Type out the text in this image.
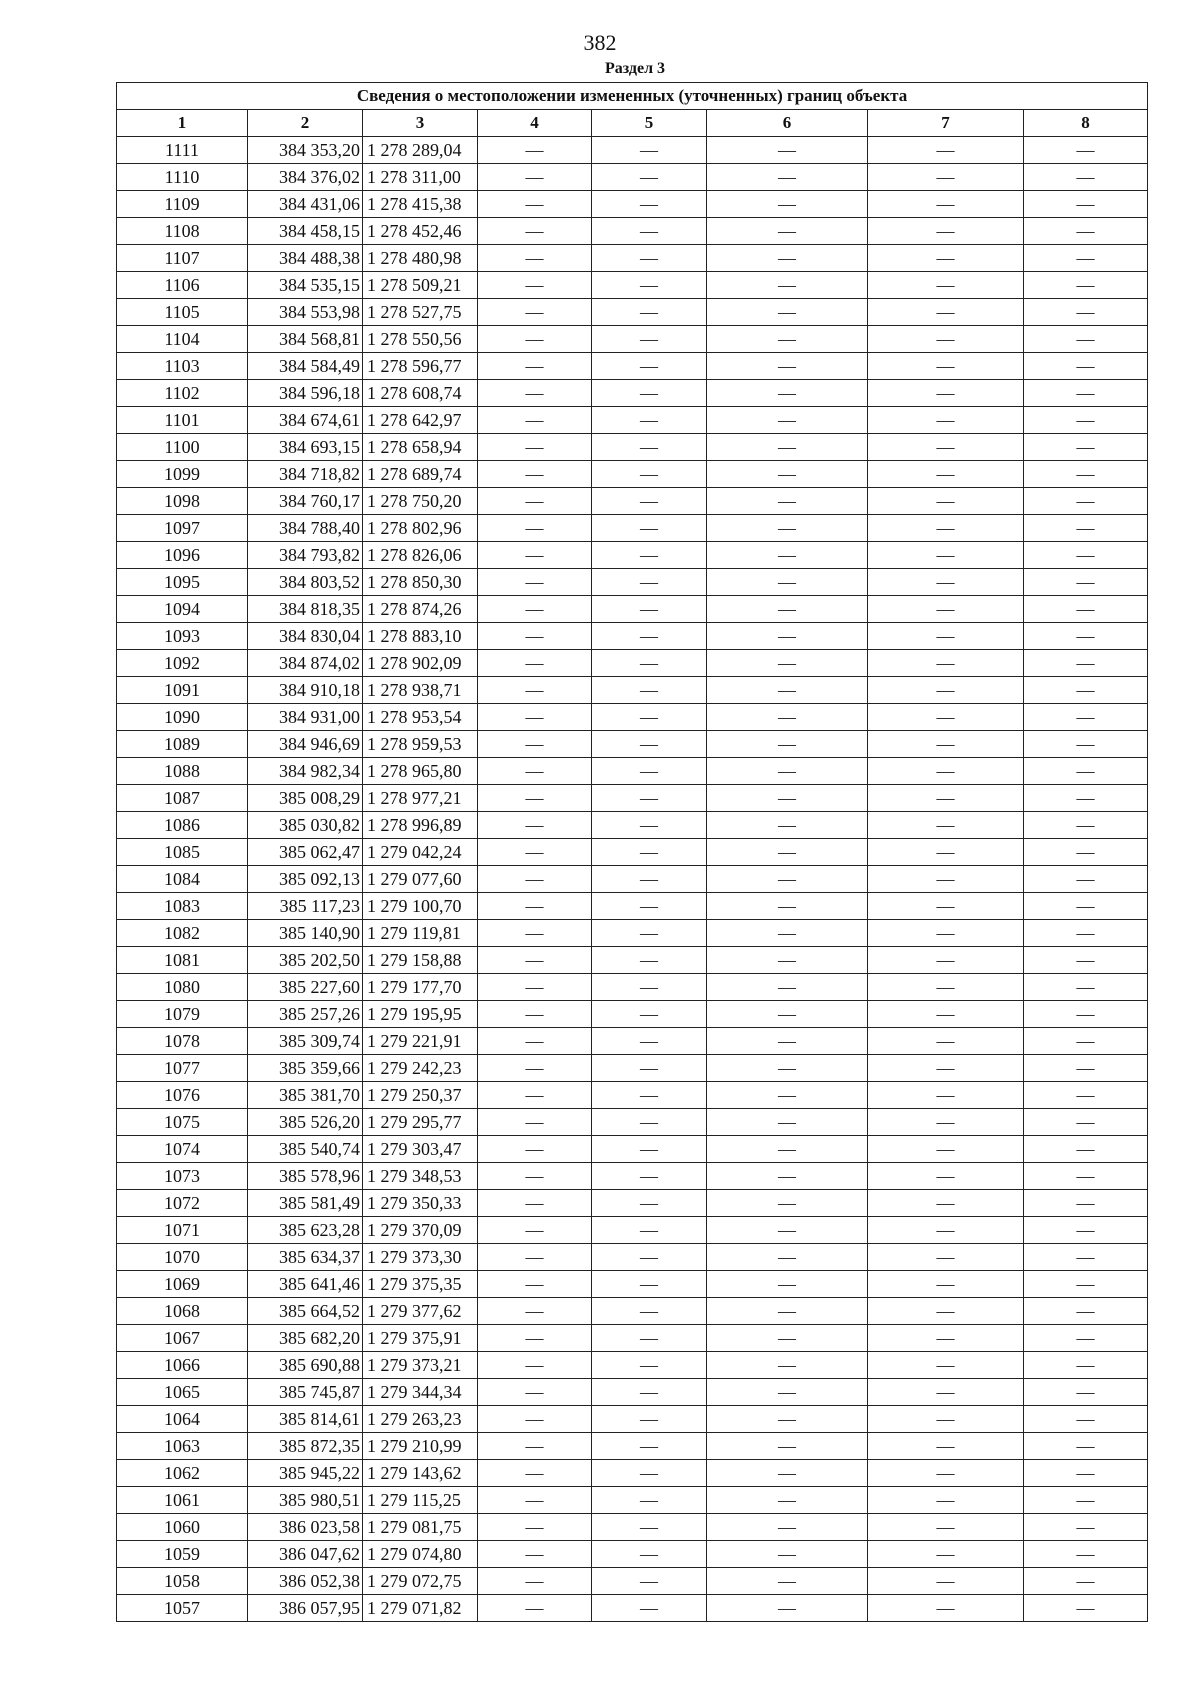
382
Раздел 3
Сведения о местоположении измененных (уточненных) границ объекта							
1	2	3	4	5	6	7	8
1111	384 353,20	1 278 289,04	—	—	—	—	—
1110	384 376,02	1 278 311,00	—	—	—	—	—
1109	384 431,06	1 278 415,38	—	—	—	—	—
1108	384 458,15	1 278 452,46	—	—	—	—	—
1107	384 488,38	1 278 480,98	—	—	—	—	—
1106	384 535,15	1 278 509,21	—	—	—	—	—
1105	384 553,98	1 278 527,75	—	—	—	—	—
1104	384 568,81	1 278 550,56	—	—	—	—	—
1103	384 584,49	1 278 596,77	—	—	—	—	—
1102	384 596,18	1 278 608,74	—	—	—	—	—
1101	384 674,61	1 278 642,97	—	—	—	—	—
1100	384 693,15	1 278 658,94	—	—	—	—	—
1099	384 718,82	1 278 689,74	—	—	—	—	—
1098	384 760,17	1 278 750,20	—	—	—	—	—
1097	384 788,40	1 278 802,96	—	—	—	—	—
1096	384 793,82	1 278 826,06	—	—	—	—	—
1095	384 803,52	1 278 850,30	—	—	—	—	—
1094	384 818,35	1 278 874,26	—	—	—	—	—
1093	384 830,04	1 278 883,10	—	—	—	—	—
1092	384 874,02	1 278 902,09	—	—	—	—	—
1091	384 910,18	1 278 938,71	—	—	—	—	—
1090	384 931,00	1 278 953,54	—	—	—	—	—
1089	384 946,69	1 278 959,53	—	—	—	—	—
1088	384 982,34	1 278 965,80	—	—	—	—	—
1087	385 008,29	1 278 977,21	—	—	—	—	—
1086	385 030,82	1 278 996,89	—	—	—	—	—
1085	385 062,47	1 279 042,24	—	—	—	—	—
1084	385 092,13	1 279 077,60	—	—	—	—	—
1083	385 117,23	1 279 100,70	—	—	—	—	—
1082	385 140,90	1 279 119,81	—	—	—	—	—
1081	385 202,50	1 279 158,88	—	—	—	—	—
1080	385 227,60	1 279 177,70	—	—	—	—	—
1079	385 257,26	1 279 195,95	—	—	—	—	—
1078	385 309,74	1 279 221,91	—	—	—	—	—
1077	385 359,66	1 279 242,23	—	—	—	—	—
1076	385 381,70	1 279 250,37	—	—	—	—	—
1075	385 526,20	1 279 295,77	—	—	—	—	—
1074	385 540,74	1 279 303,47	—	—	—	—	—
1073	385 578,96	1 279 348,53	—	—	—	—	—
1072	385 581,49	1 279 350,33	—	—	—	—	—
1071	385 623,28	1 279 370,09	—	—	—	—	—
1070	385 634,37	1 279 373,30	—	—	—	—	—
1069	385 641,46	1 279 375,35	—	—	—	—	—
1068	385 664,52	1 279 377,62	—	—	—	—	—
1067	385 682,20	1 279 375,91	—	—	—	—	—
1066	385 690,88	1 279 373,21	—	—	—	—	—
1065	385 745,87	1 279 344,34	—	—	—	—	—
1064	385 814,61	1 279 263,23	—	—	—	—	—
1063	385 872,35	1 279 210,99	—	—	—	—	—
1062	385 945,22	1 279 143,62	—	—	—	—	—
1061	385 980,51	1 279 115,25	—	—	—	—	—
1060	386 023,58	1 279 081,75	—	—	—	—	—
1059	386 047,62	1 279 074,80	—	—	—	—	—
1058	386 052,38	1 279 072,75	—	—	—	—	—
1057	386 057,95	1 279 071,82	—	—	—	—	—
